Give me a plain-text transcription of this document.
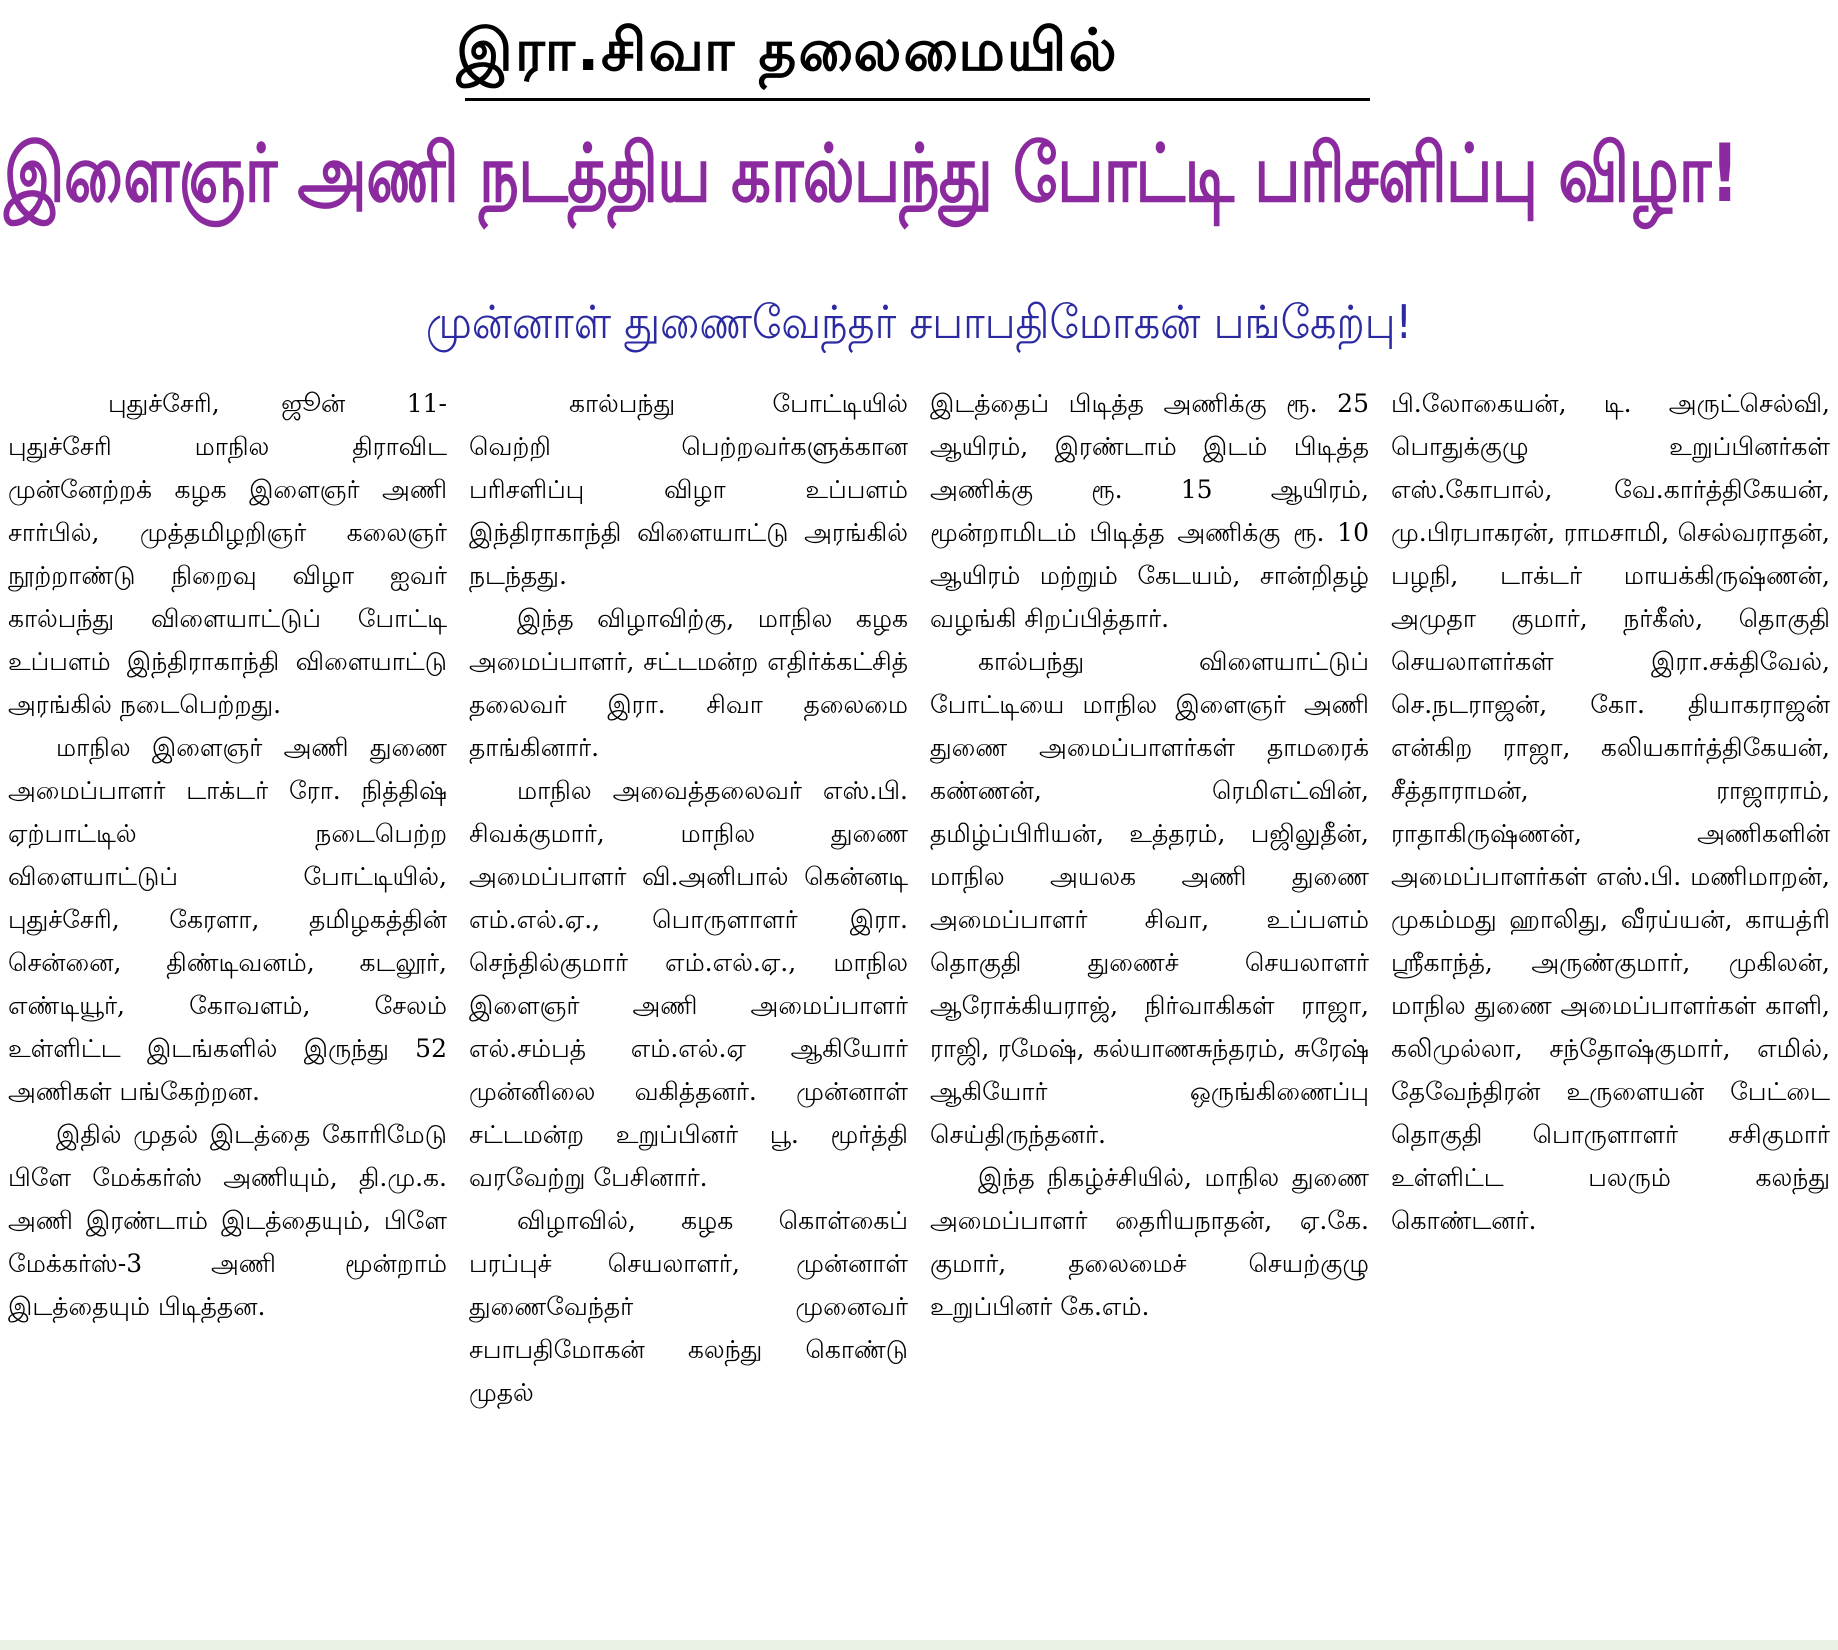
இரா.சிவா தலைமையில்
இளைஞர் அணி நடத்திய கால்பந்து போட்டி பரிசளிப்பு விழா!
முன்னாள் துணைவேந்தர் சபாபதிமோகன் பங்கேற்பு!

புதுச்சேரி, ஜூன் 11- புதுச்சேரி மாநில திராவிட முன்னேற்றக் கழக இளைஞர் அணி சார்பில், முத்தமிழறிஞர் கலைஞர் நூற்றாண்டு நிறைவு விழா ஐவர் கால்பந்து விளையாட்டுப் போட்டி உப்பளம் இந்திராகாந்தி விளையாட்டு அரங்கில் நடைபெற்றது.

மாநில இளைஞர் அணி துணை அமைப்பாளர் டாக்டர் ரோ. நித்திஷ் ஏற்பாட்டில் நடைபெற்ற விளையாட்டுப் போட்டியில், புதுச்சேரி, கேரளா, தமிழகத்தின் சென்னை, திண்டிவனம், கடலூர், எண்டியூர், கோவளம், சேலம் உள்ளிட்ட இடங்களில் இருந்து 52 அணிகள் பங்கேற்றன.

இதில் முதல் இடத்தை கோரிமேடு பிளே மேக்கர்ஸ் அணியும், தி.மு.க. அணி இரண்டாம் இடத்தையும், பிளே மேக்கர்ஸ்-3 அணி மூன்றாம் இடத்தையும் பிடித்தன.

கால்பந்து போட்டியில் வெற்றி பெற்றவர்களுக்கான பரிசளிப்பு விழா உப்பளம் இந்திராகாந்தி விளையாட்டு அரங்கில் நடந்தது.

இந்த விழாவிற்கு, மாநில கழக அமைப்பாளர், சட்டமன்ற எதிர்க்கட்சித் தலைவர் இரா. சிவா தலைமை தாங்கினார்.

மாநில அவைத்தலைவர் எஸ்.பி. சிவக்குமார், மாநில துணை அமைப்பாளர் வி.அனிபால் கென்னடி எம்.எல்.ஏ., பொருளாளர் இரா. செந்தில்குமார் எம்.எல்.ஏ., மாநில இளைஞர் அணி அமைப்பாளர் எல்.சம்பத் எம்.எல்.ஏ ஆகியோர் முன்னிலை வகித்தனர். முன்னாள் சட்டமன்ற உறுப்பினர் பூ. மூர்த்தி வரவேற்று பேசினார்.

விழாவில், கழக கொள்கைப் பரப்புச் செயலாளர், முன்னாள் துணைவேந்தர் முனைவர் சபாபதிமோகன் கலந்து கொண்டு முதல்

இடத்தைப் பிடித்த அணிக்கு ரூ. 25 ஆயிரம், இரண்டாம் இடம் பிடித்த அணிக்கு ரூ. 15 ஆயிரம், மூன்றாமிடம் பிடித்த அணிக்கு ரூ. 10 ஆயிரம் மற்றும் கேடயம், சான்றிதழ் வழங்கி சிறப்பித்தார்.

கால்பந்து விளையாட்டுப் போட்டியை மாநில இளைஞர் அணி துணை அமைப்பாளர்கள் தாமரைக் கண்ணன், ரெமிஎட்வின், தமிழ்ப்பிரியன், உத்தரம், பஜிலுதீன், மாநில அயலக அணி துணை அமைப்பாளர் சிவா, உப்பளம் தொகுதி துணைச் செயலாளர் ஆரோக்கியராஜ், நிர்வாகிகள் ராஜா, ராஜி, ரமேஷ், கல்யாணசுந்தரம், சுரேஷ் ஆகியோர் ஒருங்கிணைப்பு செய்திருந்தனர்.

இந்த நிகழ்ச்சியில், மாநில துணை அமைப்பாளர் தைரியநாதன், ஏ.கே. குமார், தலைமைச் செயற்குழு உறுப்பினர் கே.எம்.

பி.லோகையன், டி. அருட்செல்வி, பொதுக்குழு உறுப்பினர்கள் எஸ்.கோபால், வே.கார்த்திகேயன், மு.பிரபாகரன், ராமசாமி, செல்வராதன், பழநி, டாக்டர் மாயக்கிருஷ்ணன், அமுதா குமார், நர்கீஸ், தொகுதி செயலாளர்கள் இரா.சக்திவேல், செ.நடராஜன், கோ. தியாகராஜன் என்கிற ராஜா, கலியகார்த்திகேயன், சீத்தாராமன், ராஜாராம், ராதாகிருஷ்ணன், அணிகளின் அமைப்பாளர்கள் எஸ்.பி. மணிமாறன், முகம்மது ஹாலிது, வீரய்யன், காயத்ரி ஸ்ரீகாந்த், அருண்குமார், முகிலன், மாநில துணை அமைப்பாளர்கள் காளி, கலிமுல்லா, சந்தோஷ்குமார், எமில், தேவேந்திரன் உருளையன் பேட்டை தொகுதி பொருளாளர் சசிகுமார் உள்ளிட்ட பலரும் கலந்து கொண்டனர்.
